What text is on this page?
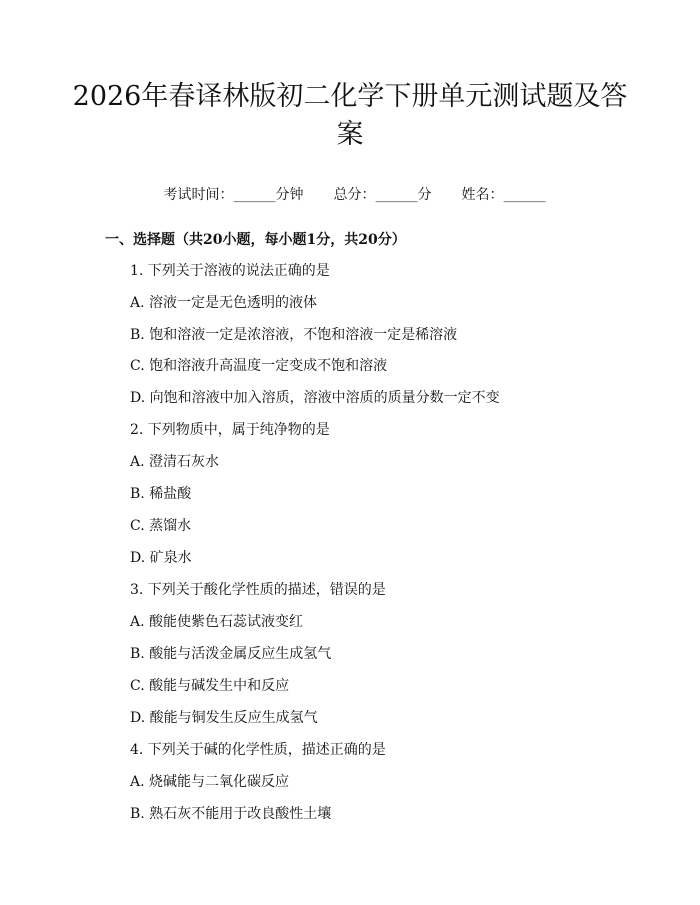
2026年春译林版初二化学下册单元测试题及答案

考试时间：______分钟 总分：______分 姓名：______

一、选择题（共20小题，每小题1分，共20分）
1. 下列关于溶液的说法正确的是
A. 溶液一定是无色透明的液体
B. 饱和溶液一定是浓溶液，不饱和溶液一定是稀溶液
C. 饱和溶液升高温度一定变成不饱和溶液
D. 向饱和溶液中加入溶质，溶液中溶质的质量分数一定不变
2. 下列物质中，属于纯净物的是
A. 澄清石灰水
B. 稀盐酸
C. 蒸馏水
D. 矿泉水
3. 下列关于酸化学性质的描述，错误的是
A. 酸能使紫色石蕊试液变红
B. 酸能与活泼金属反应生成氢气
C. 酸能与碱发生中和反应
D. 酸能与铜发生反应生成氢气
4. 下列关于碱的化学性质，描述正确的是
A. 烧碱能与二氧化碳反应
B. 熟石灰不能用于改良酸性土壤
